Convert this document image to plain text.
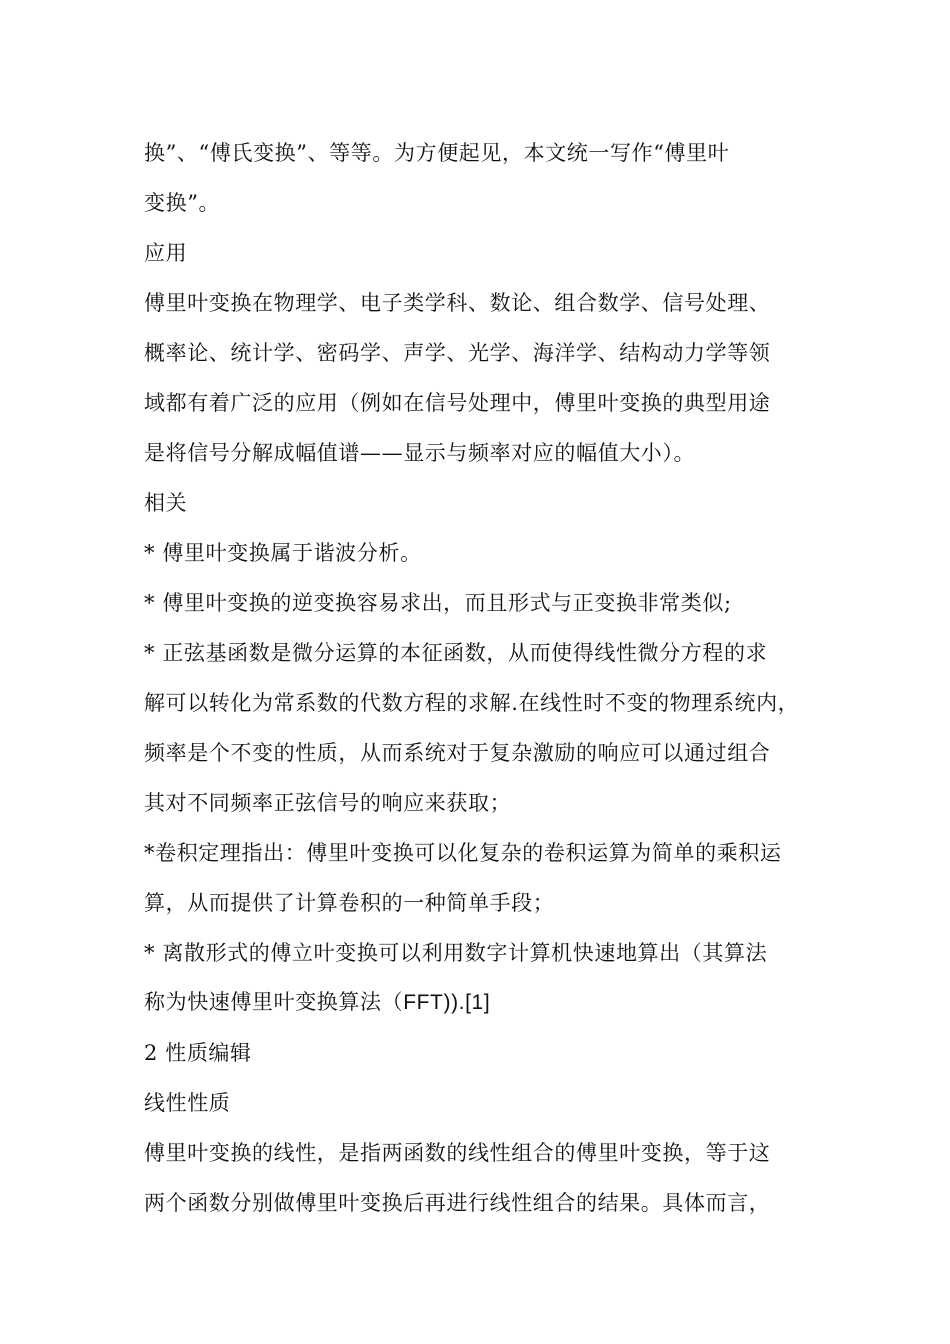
换”、“傅氏变换”、等等。为方便起见，本文统一写作“傅里叶
变换”。
应用
傅里叶变换在物理学、电子类学科、数论、组合数学、信号处理、
概率论、统计学、密码学、声学、光学、海洋学、结构动力学等领
域都有着广泛的应用（例如在信号处理中，傅里叶变换的典型用途
是将信号分解成幅值谱——显示与频率对应的幅值大小）。
相关
* 傅里叶变换属于谐波分析。
* 傅里叶变换的逆变换容易求出，而且形式与正变换非常类似;
* 正弦基函数是微分运算的本征函数，从而使得线性微分方程的求
解可以转化为常系数的代数方程的求解.在线性时不变的物理系统内，
频率是个不变的性质，从而系统对于复杂激励的响应可以通过组合
其对不同频率正弦信号的响应来获取；
*卷积定理指出：傅里叶变换可以化复杂的卷积运算为简单的乘积运
算，从而提供了计算卷积的一种简单手段；
* 离散形式的傅立叶变换可以利用数字计算机快速地算出（其算法
称为快速傅里叶变换算法（FFT)).[1]
2 性质编辑
线性性质
傅里叶变换的线性，是指两函数的线性组合的傅里叶变换，等于这
两个函数分别做傅里叶变换后再进行线性组合的结果。具体而言，
